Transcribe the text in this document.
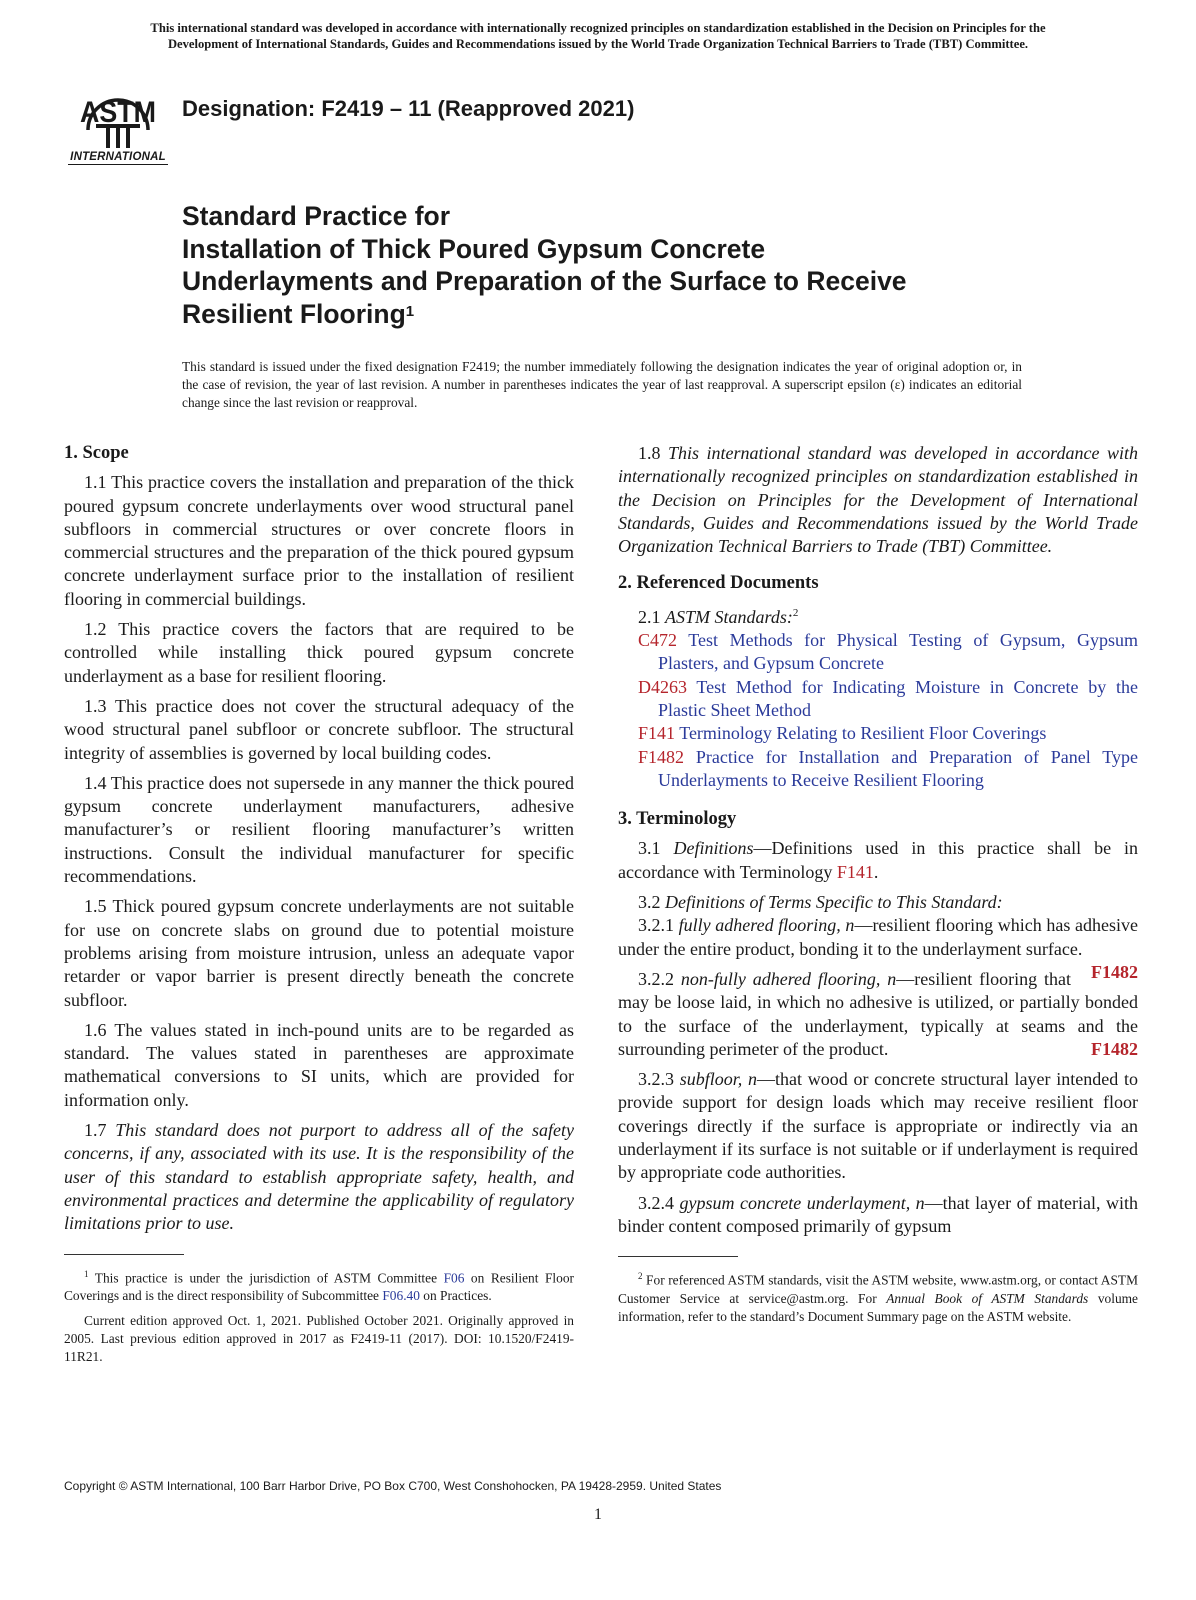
This international standard was developed in accordance with internationally recognized principles on standardization established in the Decision on Principles for the
Development of International Standards, Guides and Recommendations issued by the World Trade Organization Technical Barriers to Trade (TBT) Committee.
ASTM
INTERNATIONAL
Designation: F2419 – 11 (Reapproved 2021)
Standard Practice for
Installation of Thick Poured Gypsum Concrete
Underlayments and Preparation of the Surface to Receive
Resilient Flooring$^1$
This standard is issued under the fixed designation F2419; the number immediately following the designation indicates the year of original adoption or, in the case of revision, the year of last revision. A number in parentheses indicates the year of last reapproval. A superscript epsilon (ε) indicates an editorial change since the last revision or reapproval.
1. Scope

1.1 This practice covers the installation and preparation of the thick poured gypsum concrete underlayments over wood structural panel subfloors in commercial structures or over concrete floors in commercial structures and the preparation of the thick poured gypsum concrete underlayment surface prior to the installation of resilient flooring in commercial buildings.

1.2 This practice covers the factors that are required to be controlled while installing thick poured gypsum concrete underlayment as a base for resilient flooring.

1.3 This practice does not cover the structural adequacy of the wood structural panel subfloor or concrete subfloor. The structural integrity of assemblies is governed by local building codes.

1.4 This practice does not supersede in any manner the thick poured gypsum concrete underlayment manufacturers, adhesive manufacturer’s or resilient flooring manufacturer’s written instructions. Consult the individual manufacturer for specific recommendations.

1.5 Thick poured gypsum concrete underlayments are not suitable for use on concrete slabs on ground due to potential moisture problems arising from moisture intrusion, unless an adequate vapor retarder or vapor barrier is present directly beneath the concrete subfloor.

1.6 The values stated in inch-pound units are to be regarded as standard. The values stated in parentheses are approximate mathematical conversions to SI units, which are provided for information only.

1.7 This standard does not purport to address all of the safety concerns, if any, associated with its use. It is the responsibility of the user of this standard to establish appropriate safety, health, and environmental practices and determine the applicability of regulatory limitations prior to use.

$^1$ This practice is under the jurisdiction of ASTM Committee F06 on Resilient Floor Coverings and is the direct responsibility of Subcommittee F06.40 on Practices.

Current edition approved Oct. 1, 2021. Published October 2021. Originally approved in 2005. Last previous edition approved in 2017 as F2419-11 (2017). DOI: 10.1520/F2419-11R21.

1.8 This international standard was developed in accordance with internationally recognized principles on standardization established in the Decision on Principles for the Development of International Standards, Guides and Recommendations issued by the World Trade Organization Technical Barriers to Trade (TBT) Committee.

2. Referenced Documents

2.1 ASTM Standards:$^2$

C472 Test Methods for Physical Testing of Gypsum, Gypsum Plasters, and Gypsum Concrete
D4263 Test Method for Indicating Moisture in Concrete by the Plastic Sheet Method
F141 Terminology Relating to Resilient Floor Coverings
F1482 Practice for Installation and Preparation of Panel Type Underlayments to Receive Resilient Flooring
3. Terminology

3.1 Definitions—Definitions used in this practice shall be in accordance with Terminology F141.

3.2 Definitions of Terms Specific to This Standard:

3.2.1 fully adhered flooring, n—resilient flooring which has adhesive under the entire product, bonding it to the underlayment surface.
F1482

3.2.2 non-fully adhered flooring, n—resilient flooring that may be loose laid, in which no adhesive is utilized, or partially bonded to the surface of the underlayment, typically at seams and the surrounding perimeter of the product.	F1482

3.2.3 subfloor, n—that wood or concrete structural layer intended to provide support for design loads which may receive resilient floor coverings directly if the surface is appropriate or indirectly via an underlayment if its surface is not suitable or if underlayment is required by appropriate code authorities.

3.2.4 gypsum concrete underlayment, n—that layer of material, with binder content composed primarily of gypsum

$^2$ For referenced ASTM standards, visit the ASTM website, www.astm.org, or contact ASTM Customer Service at service@astm.org. For Annual Book of ASTM Standards volume information, refer to the standard’s Document Summary page on the ASTM website.

Copyright © ASTM International, 100 Barr Harbor Drive, PO Box C700, West Conshohocken, PA 19428-2959. United States
1
